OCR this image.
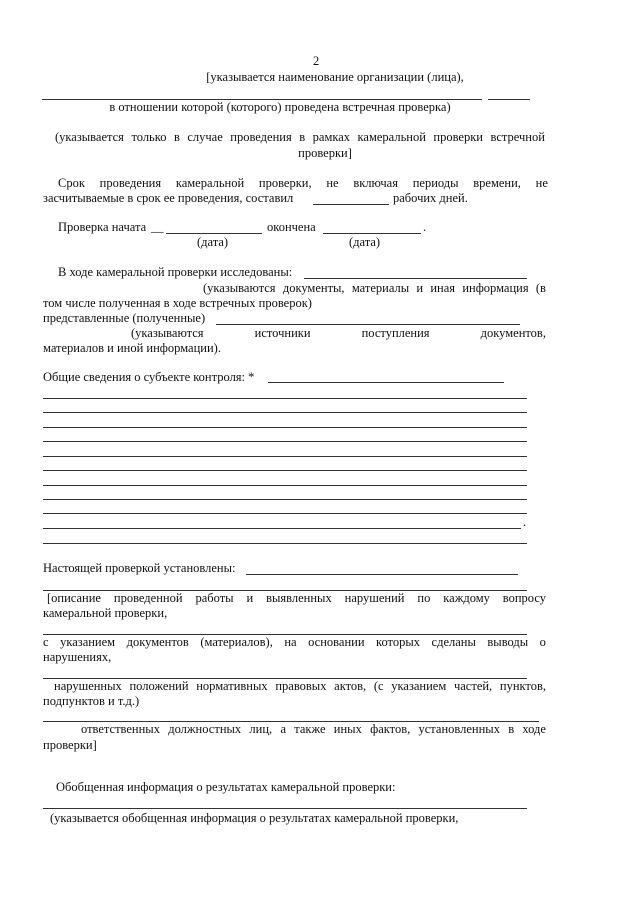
2
[указывается наименование организации (лица),
в отношении которой (которого) проведена встречная проверка)
(указывается только в случае проведения в рамках камеральной проверки встречной
проверки]
Срок проведения камеральной проверки, не включая периоды времени, не
засчитываемые в срок ее проведения, составил	рабочих дней.
Проверка начата __	окончена	.
(дата)	(дата)
В ходе камеральной проверки исследованы:
(указываются документы, материалы и иная информация (в
том числе полученная в ходе встречных проверок)
представленные (полученные)
(указываются	источники	поступления	документов,
материалов и иной информации).
Общие сведения о субъекте контроля: *
.
Настоящей проверкой установлены:
[описание проведенной работы и выявленных нарушений по каждому вопросу
камеральной проверки,
с указанием документов (материалов), на основании которых сделаны выводы о
нарушениях,
нарушенных положений нормативных правовых актов, (с указанием частей, пунктов,
подпунктов и т.д.)
ответственных должностных лиц, а также иных фактов, установленных в ходе
проверки]
Обобщенная информация о результатах камеральной проверки:
(указывается обобщенная информация о результатах камеральной проверки,
